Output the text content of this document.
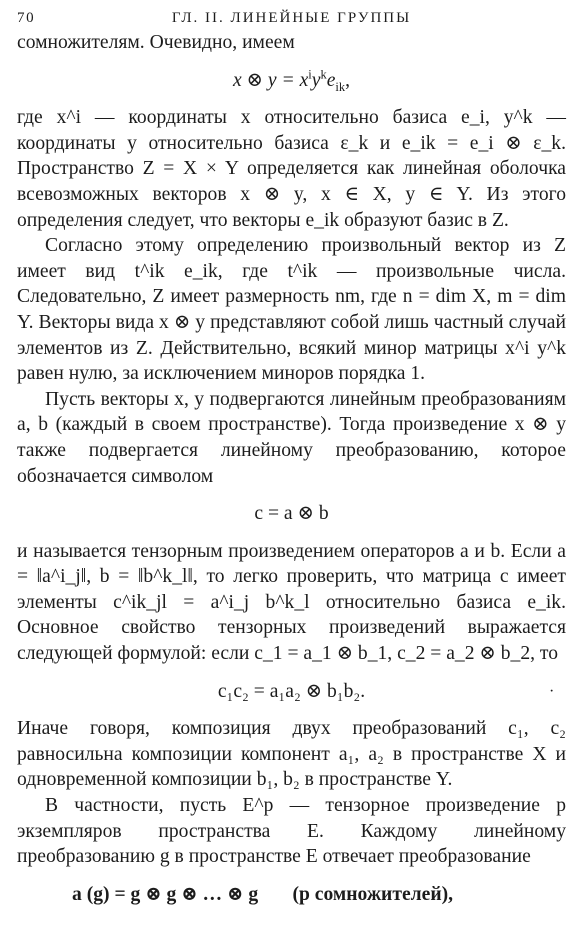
70	ГЛ. II. ЛИНЕЙНЫЕ ГРУППЫ

сомножителям. Очевидно, имеем

x ⊗ $y = x^iy^ke_{ik}$,

где x^i — координаты x относительно базиса e_i, y^k — координаты y относительно базиса ε_k и e_ik = e_i ⊗ ε_k. Пространство Z = X × Y определяется как линейная оболочка всевозможных векторов x ⊗ y, x ∈ X, y ∈ Y. Из этого определения следует, что векторы e_ik образуют базис в Z.

Согласно этому определению произвольный вектор из Z имеет вид t^ik e_ik, где t^ik — произвольные числа. Следовательно, Z имеет размерность nm, где n = dim X, m = dim Y. Векторы вида x ⊗ y представляют собой лишь частный случай элементов из Z. Действительно, всякий минор матрицы x^i y^k равен нулю, за исключением миноров порядка 1.

Пусть векторы x, y подвергаются линейным преобразованиям a, b (каждый в своем пространстве). Тогда произведение x ⊗ y также подвергается линейному преобразованию, которое обозначается символом

c = a ⊗ b

и называется тензорным произведением операторов a и b. Если a = ‖a^i_j‖, b = ‖b^k_l‖, то легко проверить, что матрица c имеет элементы c^ik_jl = a^i_j b^k_l относительно базиса e_ik. Основное свойство тензорных произведений выражается следующей формулой: если c_1 = a_1 ⊗ b_1, c_2 = a_2 ⊗ b_2, то

c₁c₂ = a₁a₂ ⊗ b₁b₂.	·

Иначе говоря, композиция двух преобразований c₁, c₂ равносильна композиции компонент a₁, a₂ в пространстве X и одновременной композиции b₁, b₂ в пространстве Y.

В частности, пусть E^p — тензорное произведение p экземпляров пространства E. Каждому линейному преобразованию g в пространстве E отвечает преобразование

a (g) = g ⊗ g ⊗ … ⊗ g (p сомножителей),
